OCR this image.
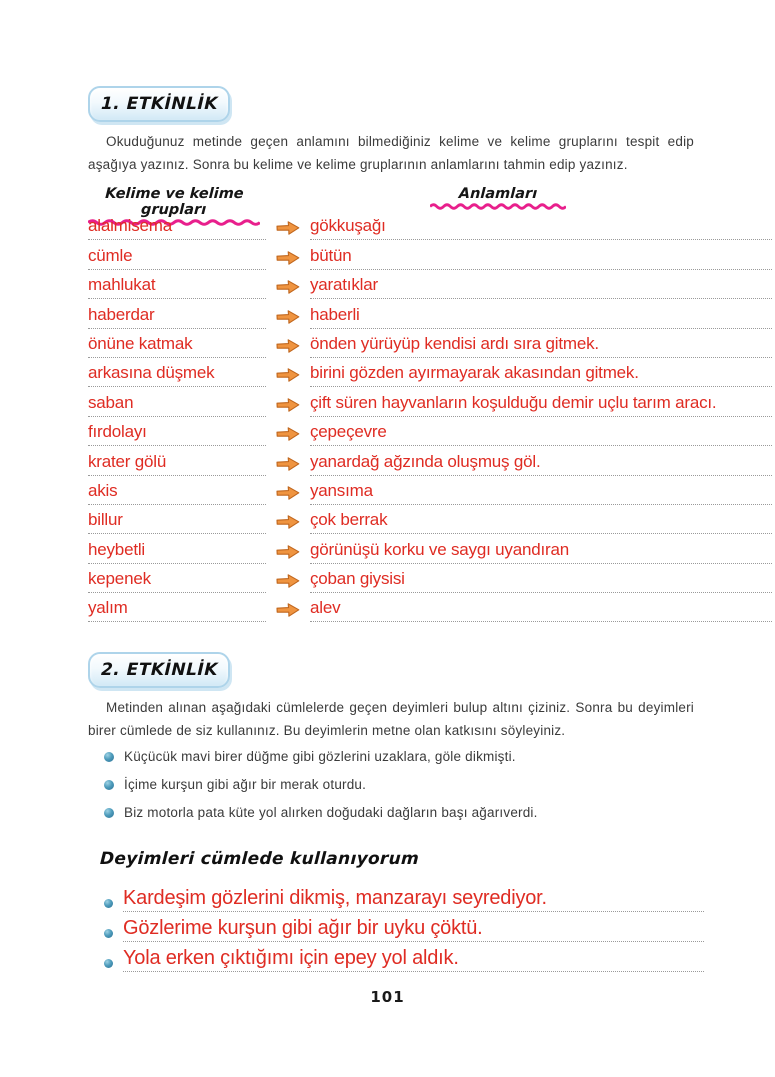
1. ETKİNLİK

Okuduğunuz metinde geçen anlamını bilmediğiniz kelime ve kelime gruplarını tespit edip aşağıya yazınız. Sonra bu kelime ve kelime gruplarının anlamlarını tahmin edip yazınız.

Kelime ve kelime grupları
Anlamları
alaimisema	gökkuşağı
cümle	bütün
mahlukat	yaratıklar
haberdar	haberli
önüne katmak	önden yürüyüp kendisi ardı sıra gitmek.
arkasına düşmek	birini gözden ayırmayarak akasından gitmek.
saban	çift süren hayvanların koşulduğu demir uçlu tarım aracı.
fırdolayı	çepeçevre
krater gölü	yanardağ ağzında oluşmuş göl.
akis	yansıma
billur	çok berrak
heybetli	görünüşü korku ve saygı uyandıran
kepenek	çoban giysisi
yalım	alev
2. ETKİNLİK

Metinden alınan aşağıdaki cümlelerde geçen deyimleri bulup altını çiziniz. Sonra bu deyimleri birer cümlede de siz kullanınız. Bu deyimlerin metne olan katkısını söyleyiniz.

Küçücük mavi birer düğme gibi gözlerini uzaklara, göle dikmişti.
İçime kurşun gibi ağır bir merak oturdu.
Biz motorla pata küte yol alırken doğudaki dağların başı ağarıverdi.
Deyimleri cümlede kullanıyorum
Kardeşim gözlerini dikmiş, manzarayı seyrediyor.
Gözlerime kurşun gibi ağır bir uyku çöktü.
Yola erken çıktığımı için epey yol aldık.
101
